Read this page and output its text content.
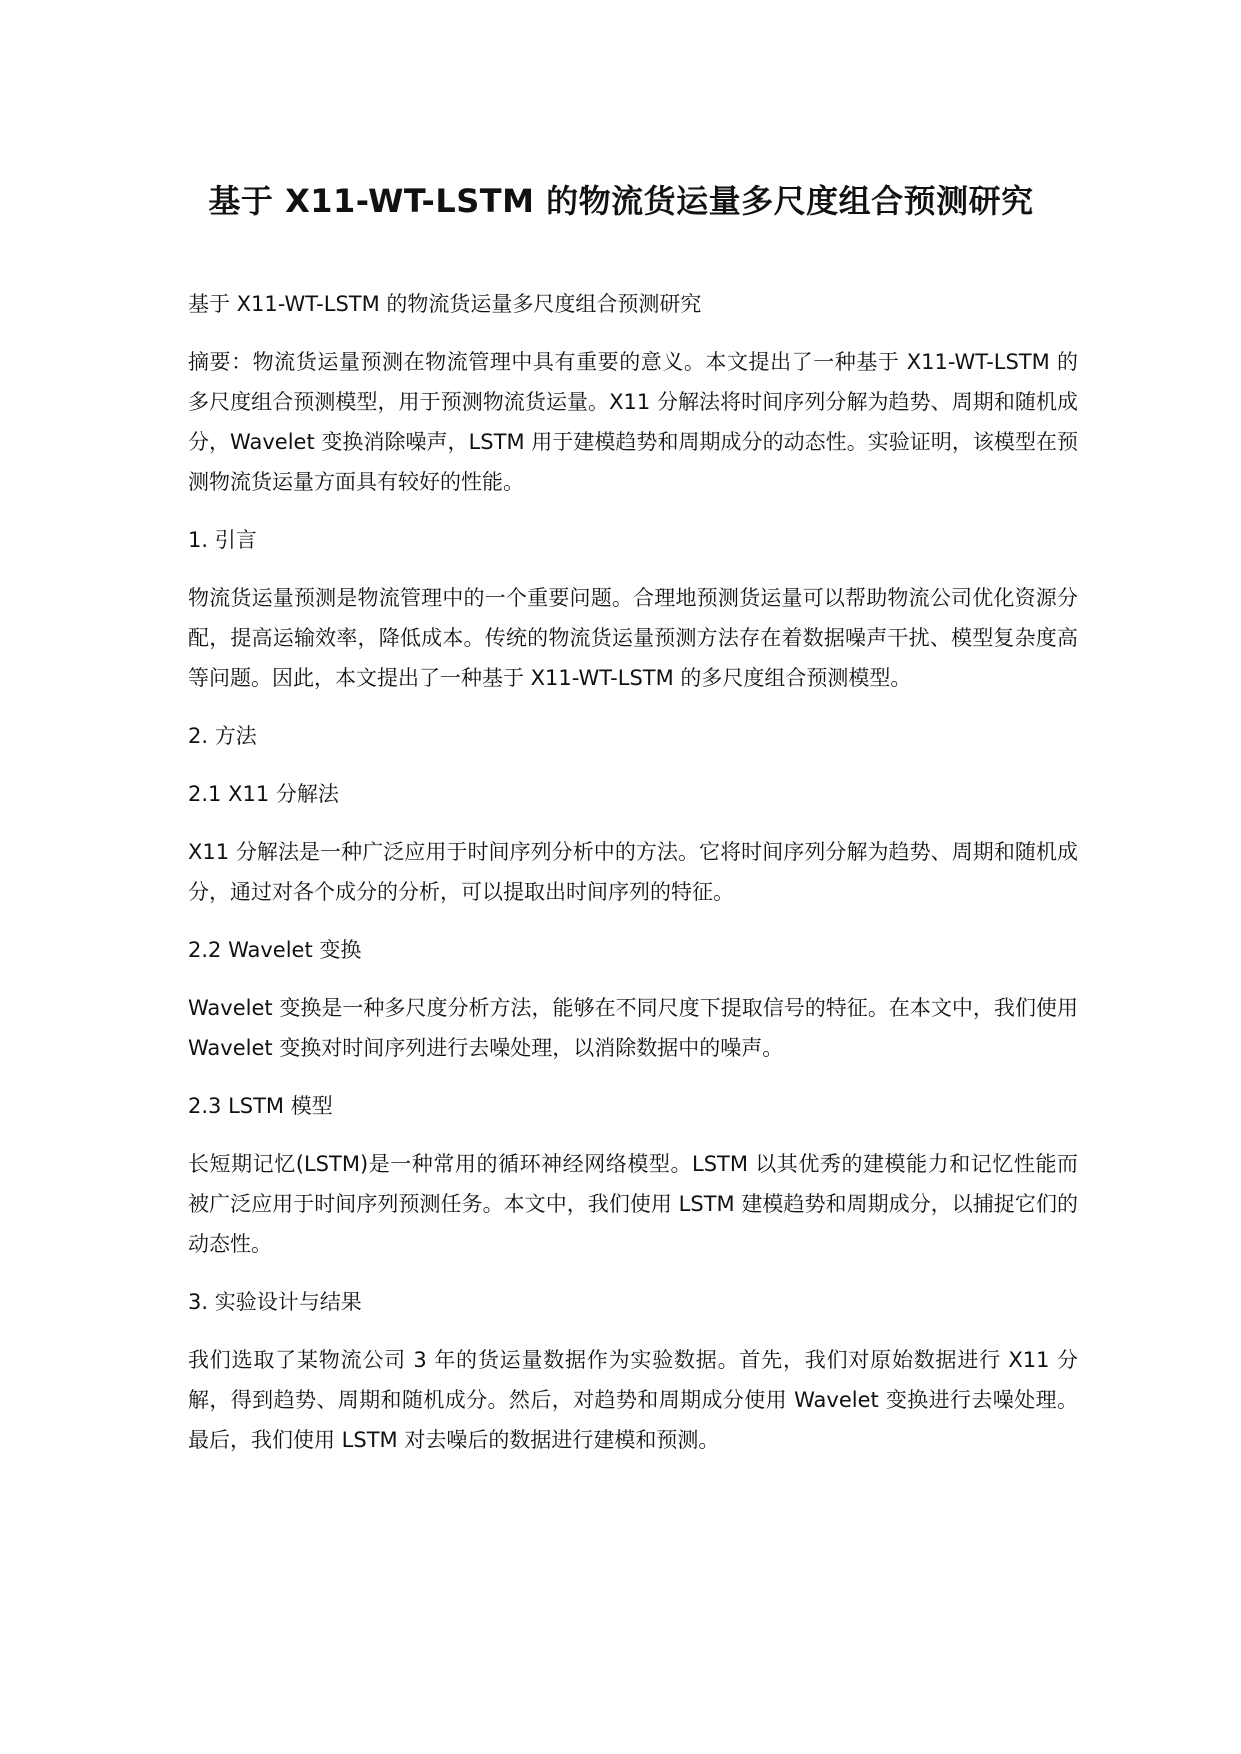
基于 X11-WT-LSTM 的物流货运量多尺度组合预测研究

基于 X11-WT-LSTM 的物流货运量多尺度组合预测研究

摘要：物流货运量预测在物流管理中具有重要的意义。本文提出了一种基于 X11-WT-LSTM 的多尺度组合预测模型，用于预测物流货运量。X11 分解法将时间序列分解为趋势、周期和随机成分，Wavelet 变换消除噪声，LSTM 用于建模趋势和周期成分的动态性。实验证明，该模型在预测物流货运量方面具有较好的性能。

1. 引言

物流货运量预测是物流管理中的一个重要问题。合理地预测货运量可以帮助物流公司优化资源分配，提高运输效率，降低成本。传统的物流货运量预测方法存在着数据噪声干扰、模型复杂度高等问题。因此，本文提出了一种基于 X11-WT-LSTM 的多尺度组合预测模型。

2. 方法

2.1 X11 分解法

X11 分解法是一种广泛应用于时间序列分析中的方法。它将时间序列分解为趋势、周期和随机成分，通过对各个成分的分析，可以提取出时间序列的特征。

2.2 Wavelet 变换

Wavelet 变换是一种多尺度分析方法，能够在不同尺度下提取信号的特征。在本文中，我们使用 Wavelet 变换对时间序列进行去噪处理，以消除数据中的噪声。

2.3 LSTM 模型

长短期记忆(LSTM)是一种常用的循环神经网络模型。LSTM 以其优秀的建模能力和记忆性能而被广泛应用于时间序列预测任务。本文中，我们使用 LSTM 建模趋势和周期成分，以捕捉它们的动态性。

3. 实验设计与结果

我们选取了某物流公司 3 年的货运量数据作为实验数据。首先，我们对原始数据进行 X11 分解，得到趋势、周期和随机成分。然后，对趋势和周期成分使用 Wavelet 变换进行去噪处理。最后，我们使用 LSTM 对去噪后的数据进行建模和预测。
